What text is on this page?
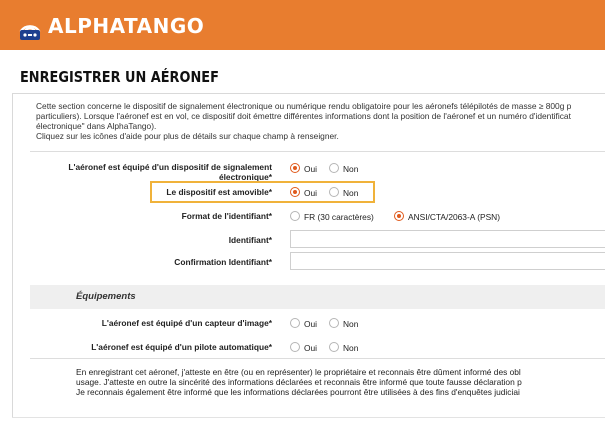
ALPHATANGO
ENREGISTRER UN AÉRONEF
Cette section concerne le dispositif de signalement électronique ou numérique rendu obligatoire pour les aéronefs télépilotés de masse ≥ 800g p
particuliers). Lorsque l'aéronef est en vol, ce dispositif doit émettre différentes informations dont la position de l'aéronef et un numéro d'identificat
électronique" dans AlphaTango).
Cliquez sur les icônes d'aide pour plus de détails sur chaque champ à renseigner.
L'aéronef est équipé d'un dispositif de signalement
électronique*
Oui	Non
Le dispositif est amovible*	Oui	Non
Format de l'identifiant*	FR (30 caractères)	ANSI/CTA/2063-A (PSN)
Identifiant*
Confirmation Identifiant*
Équipements
L'aéronef est équipé d'un capteur d'image*	Oui	Non
L'aéronef est équipé d'un pilote automatique*	Oui	Non
En enregistrant cet aéronef, j'atteste en être (ou en représenter) le propriétaire et reconnais être dûment informé des obl
usage. J'atteste en outre la sincérité des informations déclarées et reconnais être informé que toute fausse déclaration p
Je reconnais également être informé que les informations déclarées pourront être utilisées à des fins d'enquêtes judiciai
